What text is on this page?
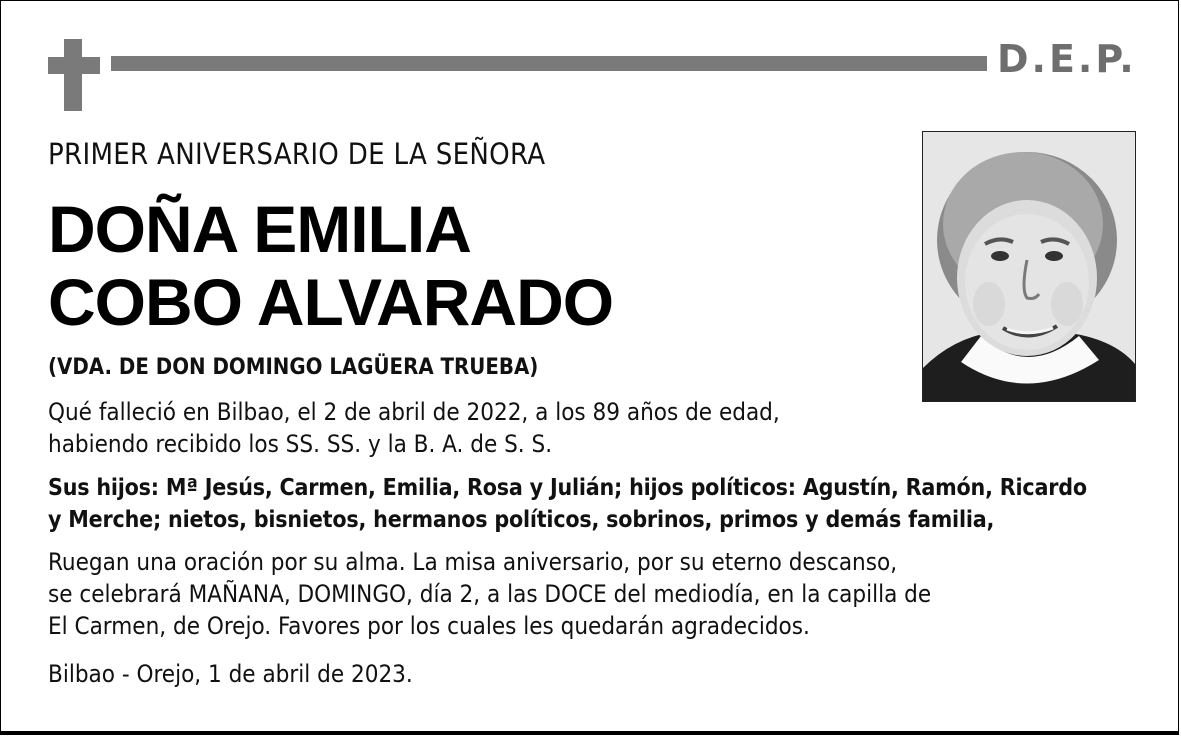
D.E.P.
PRIMER ANIVERSARIO DE LA SEÑORA
DOÑA EMILIA
COBO ALVARADO
(VDA. DE DON DOMINGO LAGÜERA TRUEBA)
Qué falleció en Bilbao, el 2 de abril de 2022, a los 89 años de edad,
habiendo recibido los SS. SS. y la B. A. de S. S.
Sus hijos: Mª Jesús, Carmen, Emilia, Rosa y Julián; hijos políticos: Agustín, Ramón, Ricardo
y Merche; nietos, bisnietos, hermanos políticos, sobrinos, primos y demás familia,
Ruegan una oración por su alma. La misa aniversario, por su eterno descanso,
se celebrará MAÑANA, DOMINGO, día 2, a las DOCE del mediodía, en la capilla de
El Carmen, de Orejo. Favores por los cuales les quedarán agradecidos.
Bilbao - Orejo, 1 de abril de 2023.
